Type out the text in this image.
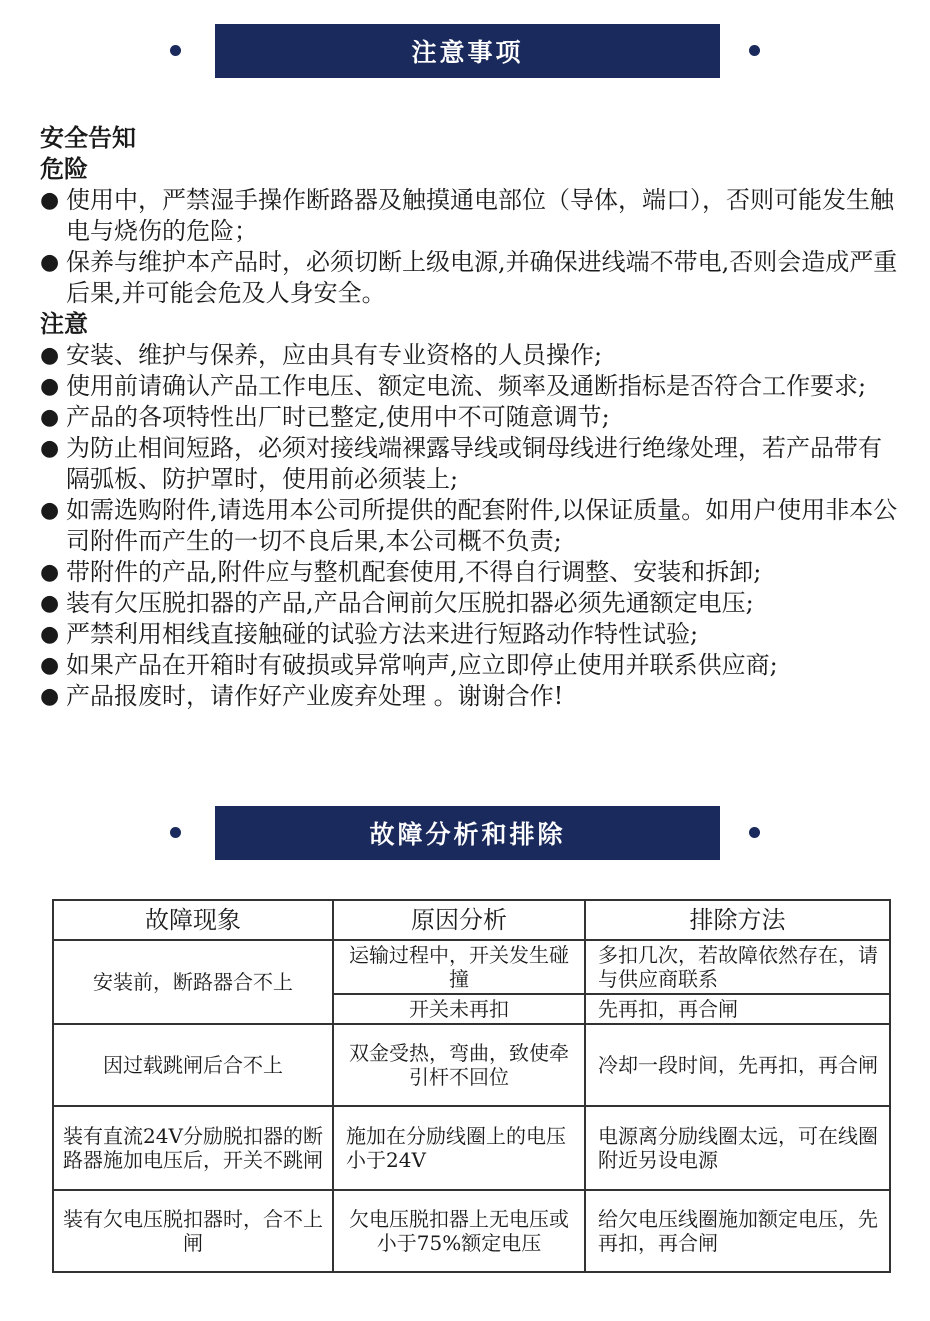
注意事项
安全告知
危险
● 使用中，严禁湿手操作断路器及触摸通电部位（导体，端口），否则可能发生触电与烧伤的危险；
● 保养与维护本产品时，必须切断上级电源,并确保进线端不带电,否则会造成严重后果,并可能会危及人身安全。
注意
● 安装、维护与保养，应由具有专业资格的人员操作;
● 使用前请确认产品工作电压、额定电流、频率及通断指标是否符合工作要求;
● 产品的各项特性出厂时已整定,使用中不可随意调节;
● 为防止相间短路，必须对接线端裸露导线或铜母线进行绝缘处理，若产品带有隔弧板、防护罩时，使用前必须装上;
● 如需选购附件,请选用本公司所提供的配套附件,以保证质量。如用户使用非本公司附件而产生的一切不良后果,本公司概不负责;
● 带附件的产品,附件应与整机配套使用,不得自行调整、安装和拆卸;
● 装有欠压脱扣器的产品,产品合闸前欠压脱扣器必须先通额定电压;
● 严禁利用相线直接触碰的试验方法来进行短路动作特性试验;
● 如果产品在开箱时有破损或异常响声,应立即停止使用并联系供应商;
● 产品报废时，请作好产业废弃处理 。谢谢合作!
故障分析和排除
故障现象	原因分析	排除方法
安装前，断路器合不上	运输过程中，开关发生碰撞	多扣几次，若故障依然存在，请与供应商联系
	开关未再扣	先再扣，再合闸
因过载跳闸后合不上	双金受热，弯曲，致使牵引杆不回位	冷却一段时间，先再扣，再合闸
装有直流24V分励脱扣器的断路器施加电压后，开关不跳闸	施加在分励线圈上的电压小于24V	电源离分励线圈太远，可在线圈附近另设电源
装有欠电压脱扣器时，合不上闸	欠电压脱扣器上无电压或小于75%额定电压	给欠电压线圈施加额定电压，先再扣，再合闸
